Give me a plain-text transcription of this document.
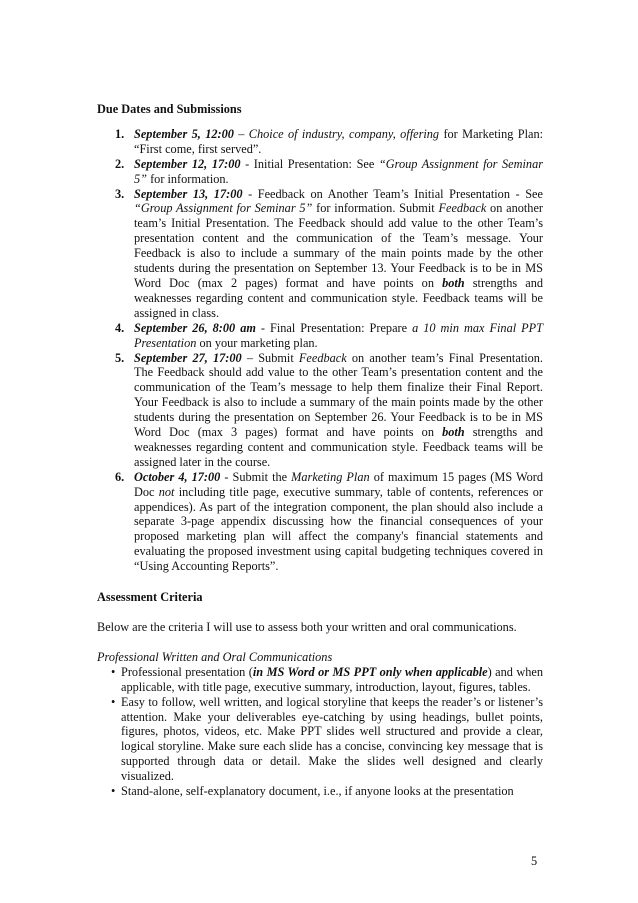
Due Dates and Submissions
1. September 5, 12:00 – Choice of industry, company, offering for Marketing Plan: “First come, first served”.
2. September 12, 17:00 - Initial Presentation: See “Group Assignment for Seminar 5” for information.
3. September 13, 17:00 - Feedback on Another Team’s Initial Presentation - See “Group Assignment for Seminar 5” for information. Submit Feedback on another team’s Initial Presentation. The Feedback should add value to the other Team’s presentation content and the communication of the Team’s message. Your Feedback is also to include a summary of the main points made by the other students during the presentation on September 13. Your Feedback is to be in MS Word Doc (max 2 pages) format and have points on both strengths and weaknesses regarding content and communication style. Feedback teams will be assigned in class.
4. September 26, 8:00 am - Final Presentation: Prepare a 10 min max Final PPT Presentation on your marketing plan.
5. September 27, 17:00 – Submit Feedback on another team’s Final Presentation. The Feedback should add value to the other Team’s presentation content and the communication of the Team’s message to help them finalize their Final Report. Your Feedback is also to include a summary of the main points made by the other students during the presentation on September 26. Your Feedback is to be in MS Word Doc (max 3 pages) format and have points on both strengths and weaknesses regarding content and communication style. Feedback teams will be assigned later in the course.
6. October 4, 17:00 - Submit the Marketing Plan of maximum 15 pages (MS Word Doc not including title page, executive summary, table of contents, references or appendices). As part of the integration component, the plan should also include a separate 3-page appendix discussing how the financial consequences of your proposed marketing plan will affect the company's financial statements and evaluating the proposed investment using capital budgeting techniques covered in “Using Accounting Reports”.
Assessment Criteria

Below are the criteria I will use to assess both your written and oral communications.

Professional Written and Oral Communications

• Professional presentation (in MS Word or MS PPT only when applicable) and when applicable, with title page, executive summary, introduction, layout, figures, tables.
• Easy to follow, well written, and logical storyline that keeps the reader’s or listener’s attention. Make your deliverables eye-catching by using headings, bullet points, figures, photos, videos, etc. Make PPT slides well structured and provide a clear, logical storyline. Make sure each slide has a concise, convincing key message that is supported through data or detail. Make the slides well designed and clearly visualized.
• Stand-alone, self-explanatory document, i.e., if anyone looks at the presentation
5
